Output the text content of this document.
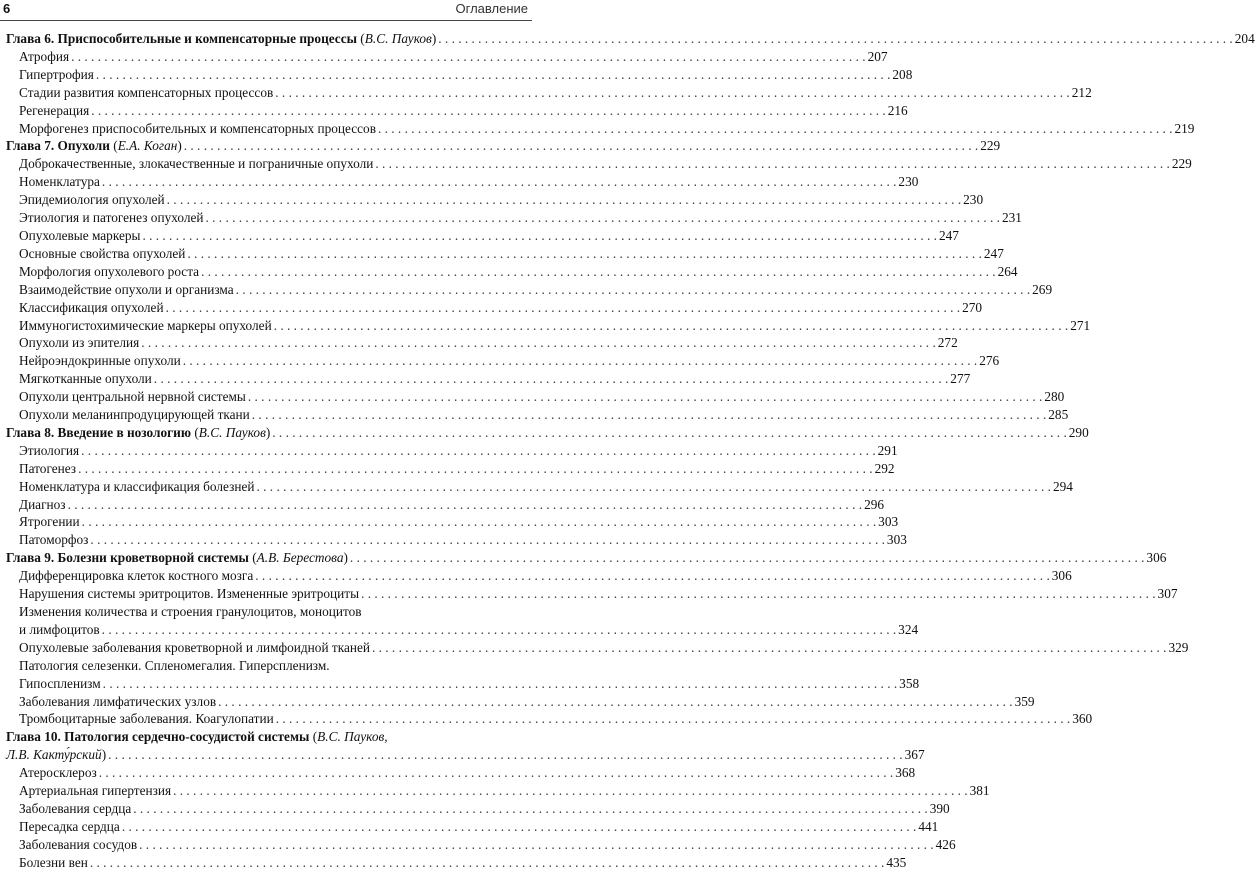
6	Оглавление
Глава 6. Приспособительные и компенсаторные процессы (В.С. Пауков) . . .	204
Атрофия . . .	207
Гипертрофия . . .	208
Стадии развития компенсаторных процессов . . .	212
Регенерация . . .	216
Морфогенез приспособительных и компенсаторных процессов . . .	219
Глава 7. Опухоли (Е.А. Коган) . . .	229
Доброкачественные, злокачественные и пограничные опухоли . . .	229
Номенклатура . . .	230
Эпидемиология опухолей . . .	230
Этиология и патогенез опухолей . . .	231
Опухолевые маркеры . . .	247
Основные свойства опухолей . . .	247
Морфология опухолевого роста . . .	264
Взаимодействие опухоли и организма . . .	269
Классификация опухолей . . .	270
Иммуногистохимические маркеры опухолей . . .	271
Опухоли из эпителия . . .	272
Нейроэндокринные опухоли . . .	276
Мягкотканные опухоли . . .	277
Опухоли центральной нервной системы . . .	280
Опухоли меланинпродуцирующей ткани . . .	285
Глава 8. Введение в нозологию (В.С. Пауков) . . .	290
Этиология . . .	291
Патогенез . . .	292
Номенклатура и классификация болезней . . .	294
Диагноз . . .	296
Ятрогении . . .	303
Патоморфоз . . .	303
Глава 9. Болезни кроветворной системы (А.В. Берестова) . . .	306
Дифференцировка клеток костного мозга . . .	306
Нарушения системы эритроцитов. Измененные эритроциты . . .	307
Изменения количества и строения гранулоцитов, моноцитов
и лимфоцитов . . .	324
Опухолевые заболевания кроветворной и лимфоидной тканей . . .	329
Патология селезенки. Спленомегалия. Гиперспленизм.
Гипоспленизм . . .	358
Заболевания лимфатических узлов . . .	359
Тромбоцитарные заболевания. Коагулопатии . . .	360
Глава 10. Патология сердечно-сосудистой системы (В.С. Пауков,
Л.В. Какту́рский) . . .	367
Атеросклероз . . .	368
Артериальная гипертензия . . .	381
Заболевания сердца . . .	390
Пересадка сердца . . .	441
Заболевания сосудов . . .	426
Болезни вен . . .	435
